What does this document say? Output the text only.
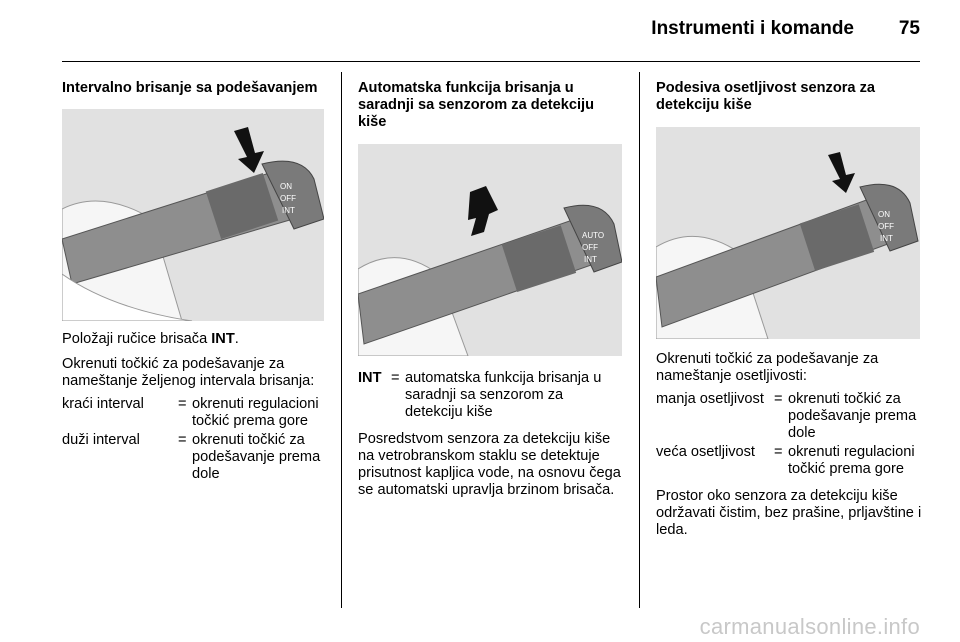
Instrumenti i komande 75
Intervalno brisanje sa podešavanjem
ON
OFF
INT
Položaji ručice brisača INT.
Okrenuti točkić za podešavanje za nameštanje željenog intervala brisanja:
kraći interval	= okrenuti regulacioni točkić prema gore
duži interval	= okrenuti točkić za podešavanje prema dole
Automatska funkcija brisanja u saradnji sa senzorom za detekciju kiše
AUTO
OFF
INT
INT = automatska funkcija brisanja u saradnji sa senzorom za detekciju kiše
Posredstvom senzora za detekciju kiše na vetrobranskom staklu se detektuje prisutnost kapljica vode, na osnovu čega se automatski upravlja brzinom brisača.
Podesiva osetljivost senzora za detekciju kiše
ON
OFF
INT
Okrenuti točkić za podešavanje za nameštanje osetljivosti:
manja osetljivost = okrenuti točkić za podešavanje prema dole
veća osetljivost	= okrenuti regulacioni točkić prema gore
Prostor oko senzora za detekciju kiše održavati čistim, bez prašine, prljavštine i leda.
carmanualsonline.info
